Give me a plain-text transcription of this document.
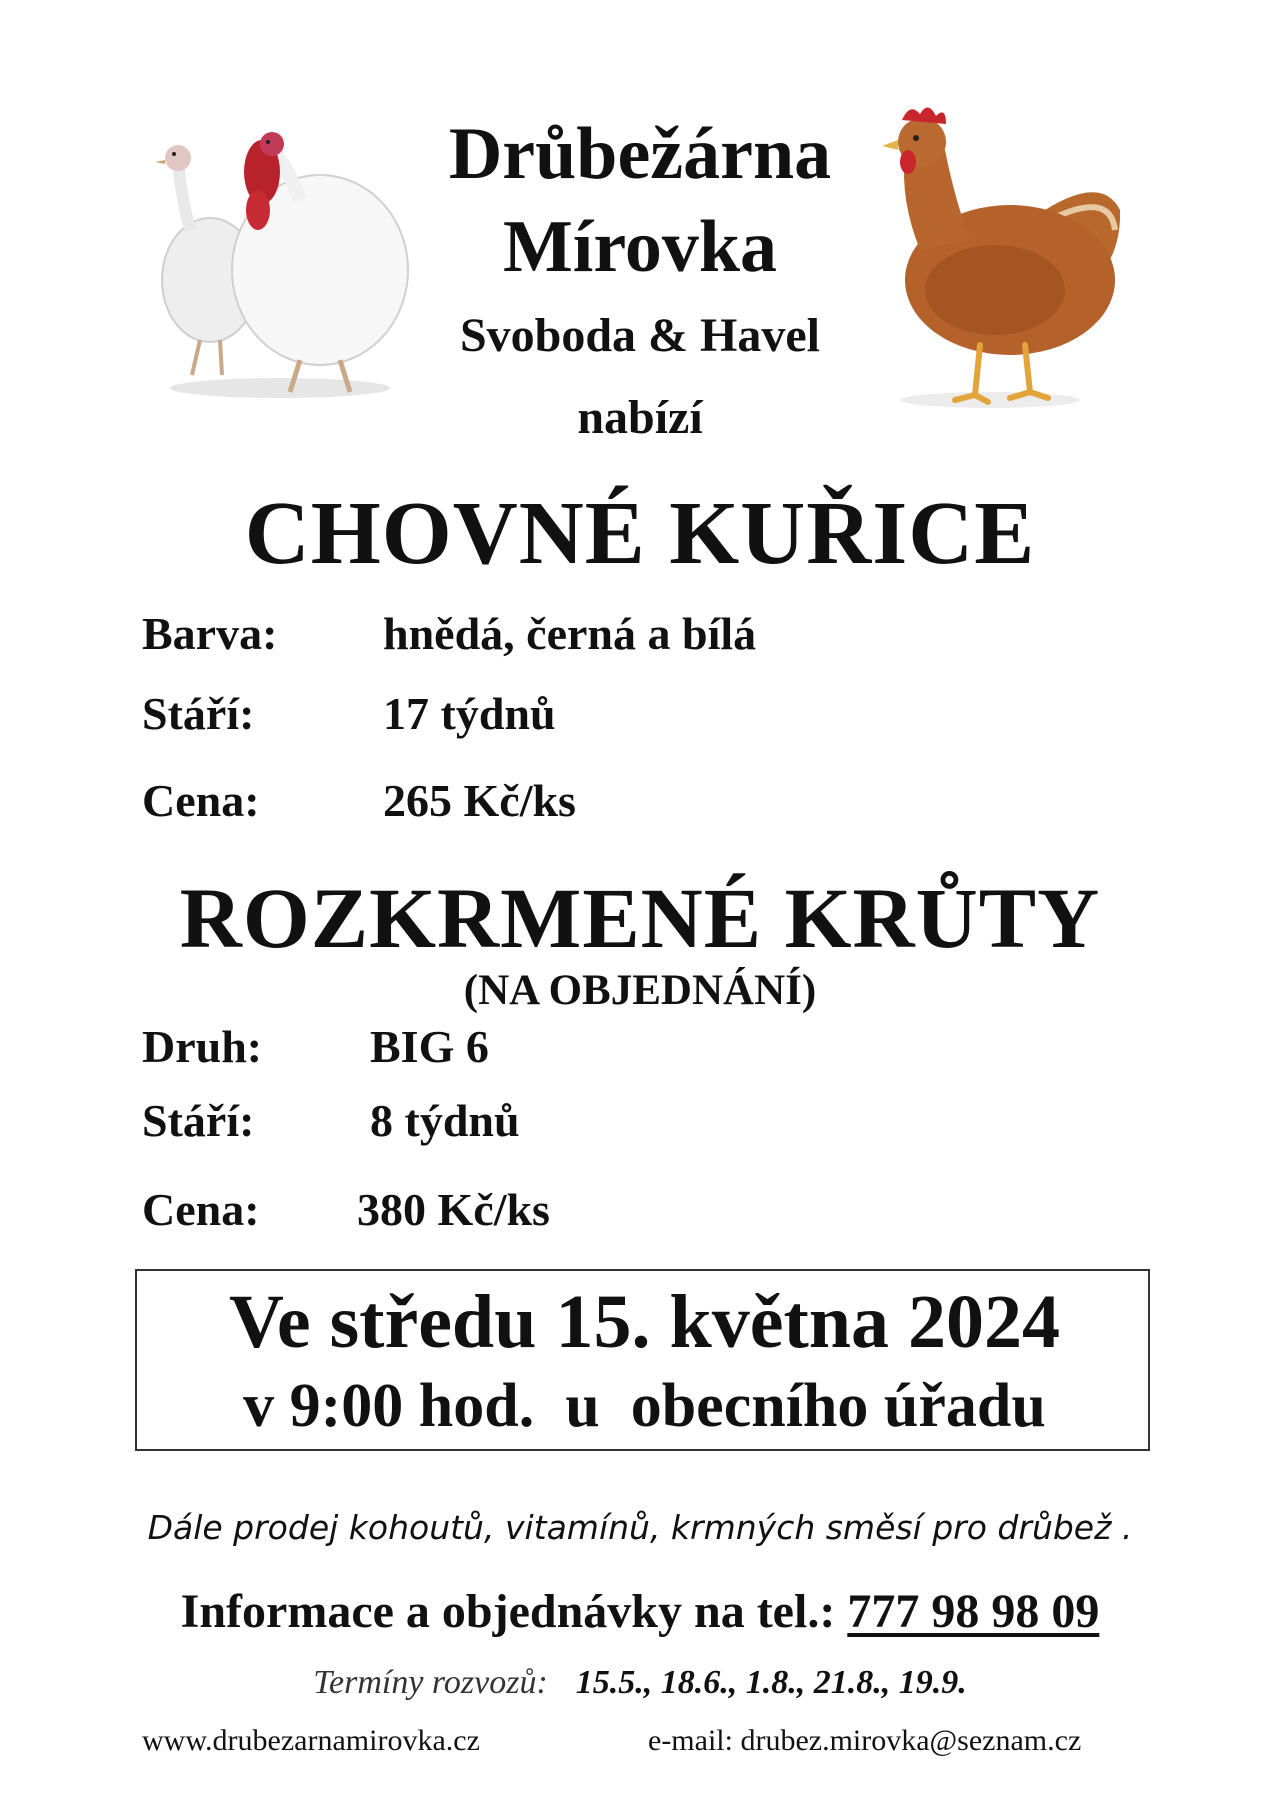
Drůbežárna
Mírovka
Svoboda & Havel
nabízí
CHOVNÉ KUŘICE
Barva: hnědá, černá a bílá
Stáří:	17 týdnů
Cena:	265 Kč/ks
ROZKRMENÉ KRŮTY
(NA OBJEDNÁNÍ)
Druh: BIG 6
Stáří:	8 týdnů
Cena: 380 Kč/ks
Ve středu 15. května 2024
v 9:00 hod.  u  obecního úřadu
Dále prodej kohoutů, vitamínů, krmných směsí pro drůbež .
Informace a objednávky na tel.: 777 98 98 09
Termíny rozvozů: 15.5., 18.6., 1.8., 21.8., 19.9.
www.drubezarnamirovka.cz	e-mail: drubez.mirovka@seznam.cz
